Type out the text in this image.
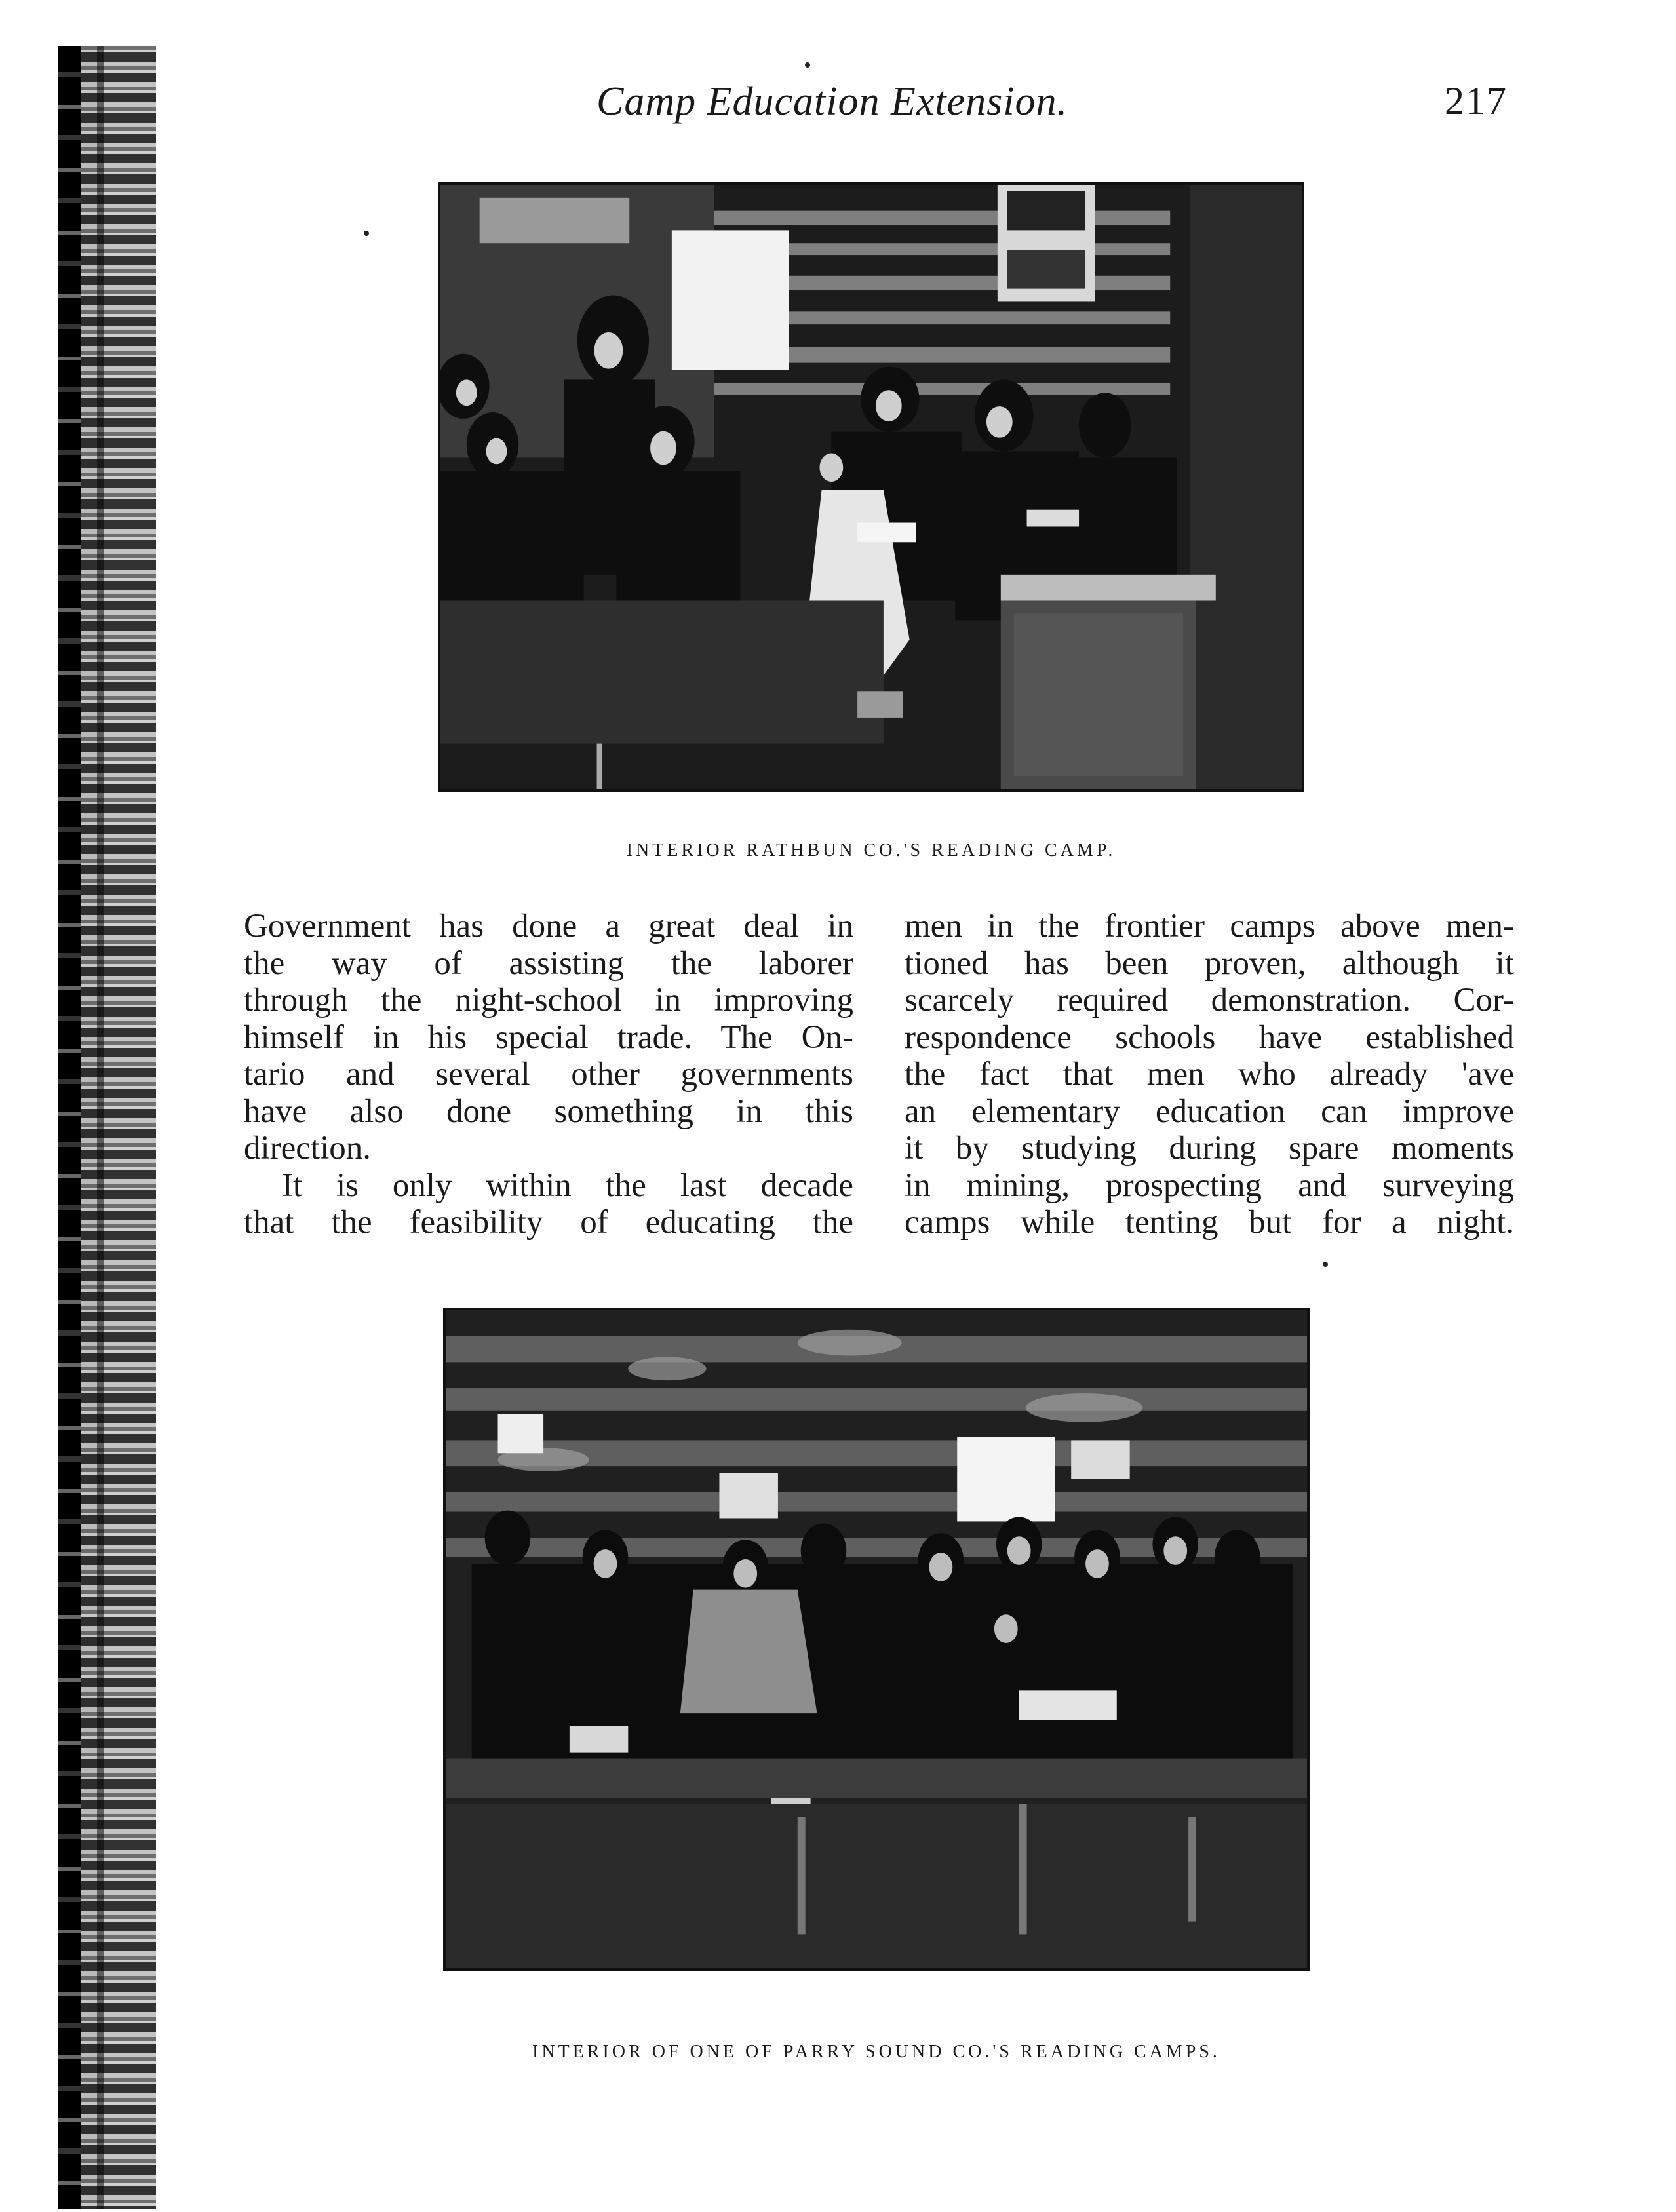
Camp Education Extension.	217
INTERIOR RATHBUN CO.'S READING CAMP.
Government has done a great deal in
the way of assisting the laborer
through the night-school in improving
himself in his special trade. The On-
tario and several other governments
have also done something in this
direction.
It is only within the last decade
that the feasibility of educating the
men in the frontier camps above men-
tioned has been proven, although it
scarcely required demonstration. Cor-
respondence schools have established
the fact that men who already 'ave
an elementary education can improve
it by studying during spare moments
in mining, prospecting and surveying
camps while tenting but for a night.
INTERIOR OF ONE OF PARRY SOUND CO.'S READING CAMPS.
